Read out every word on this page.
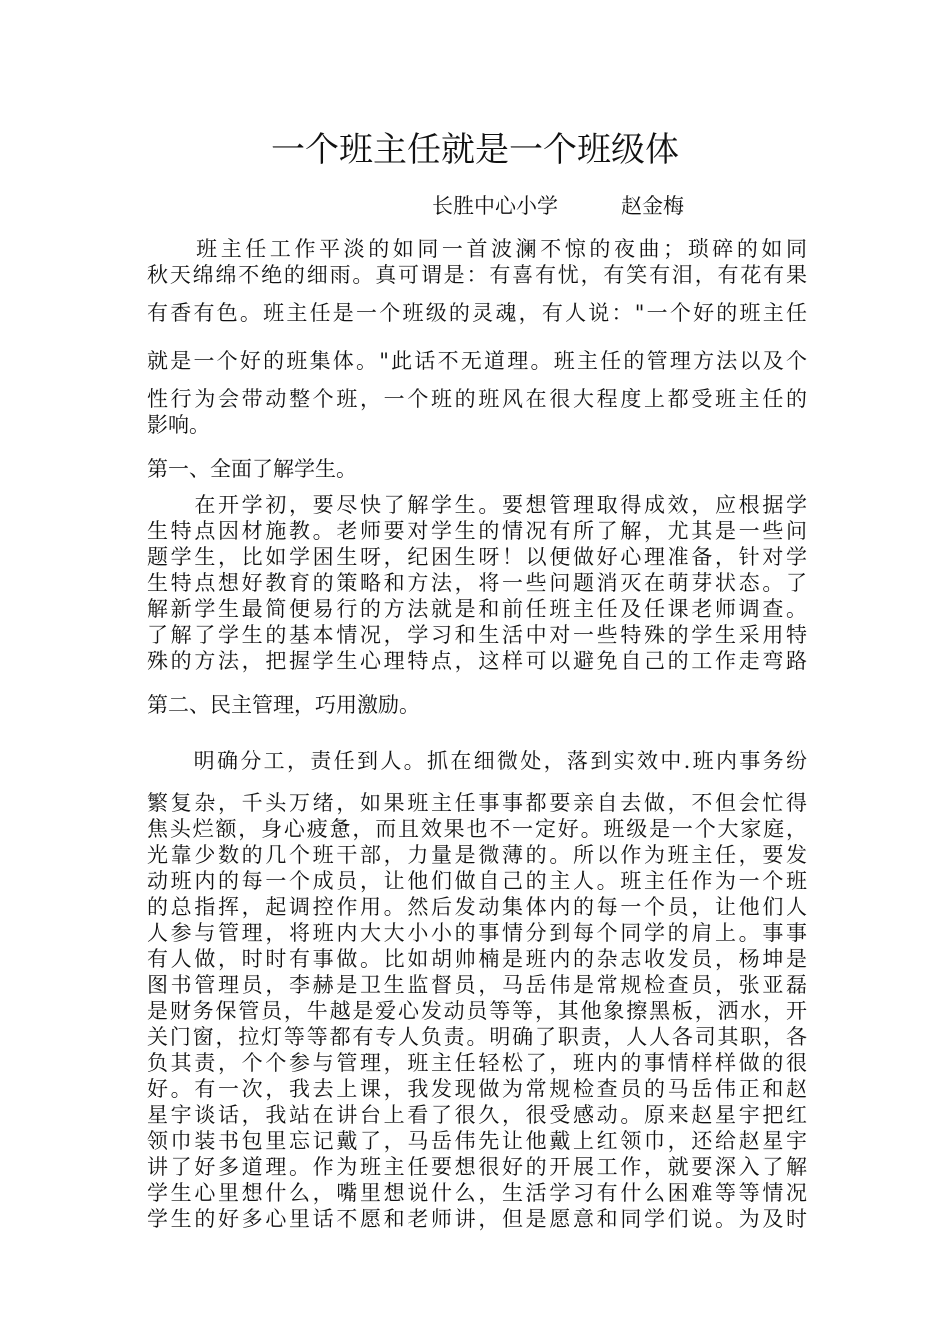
一个班主任就是一个班级体
长胜中心小学　　　赵金梅
　　班主任工作平淡的如同一首波澜不惊的夜曲；琐碎的如同
秋天绵绵不绝的细雨。真可谓是：有喜有忧，有笑有泪，有花有果
有香有色。班主任是一个班级的灵魂，有人说："一个好的班主任
就是一个好的班集体。"此话不无道理。班主任的管理方法以及个
性行为会带动整个班，一个班的班风在很大程度上都受班主任的
影响。
第一、全面了解学生。
　　在开学初，要尽快了解学生。要想管理取得成效，应根据学
生特点因材施教。老师要对学生的情况有所了解，尤其是一些问
题学生，比如学困生呀，纪困生呀！以便做好心理准备，针对学
生特点想好教育的策略和方法，将一些问题消灭在萌芽状态。了
解新学生最简便易行的方法就是和前任班主任及任课老师调查。
了解了学生的基本情况，学习和生活中对一些特殊的学生采用特
殊的方法，把握学生心理特点，这样可以避免自己的工作走弯路
第二、民主管理，巧用激励。
　　明确分工，责任到人。抓在细微处，落到实效中.班内事务纷
繁复杂，千头万绪，如果班主任事事都要亲自去做，不但会忙得
焦头烂额，身心疲惫，而且效果也不一定好。班级是一个大家庭，
光靠少数的几个班干部，力量是微薄的。所以作为班主任，要发
动班内的每一个成员，让他们做自己的主人。班主任作为一个班
的总指挥，起调控作用。然后发动集体内的每一个员，让他们人
人参与管理，将班内大大小小的事情分到每个同学的肩上。事事
有人做，时时有事做。比如胡帅楠是班内的杂志收发员，杨坤是
图书管理员，李赫是卫生监督员，马岳伟是常规检查员，张亚磊
是财务保管员，牛越是爱心发动员等等，其他象擦黑板，洒水，开
关门窗，拉灯等等都有专人负责。明确了职责，人人各司其职，各
负其责，个个参与管理，班主任轻松了，班内的事情样样做的很
好。有一次，我去上课，我发现做为常规检查员的马岳伟正和赵
星宇谈话，我站在讲台上看了很久，很受感动。原来赵星宇把红
领巾装书包里忘记戴了，马岳伟先让他戴上红领巾，还给赵星宇
讲了好多道理。作为班主任要想很好的开展工作，就要深入了解
学生心里想什么，嘴里想说什么，生活学习有什么困难等等情况
学生的好多心里话不愿和老师讲，但是愿意和同学们说。为及时
